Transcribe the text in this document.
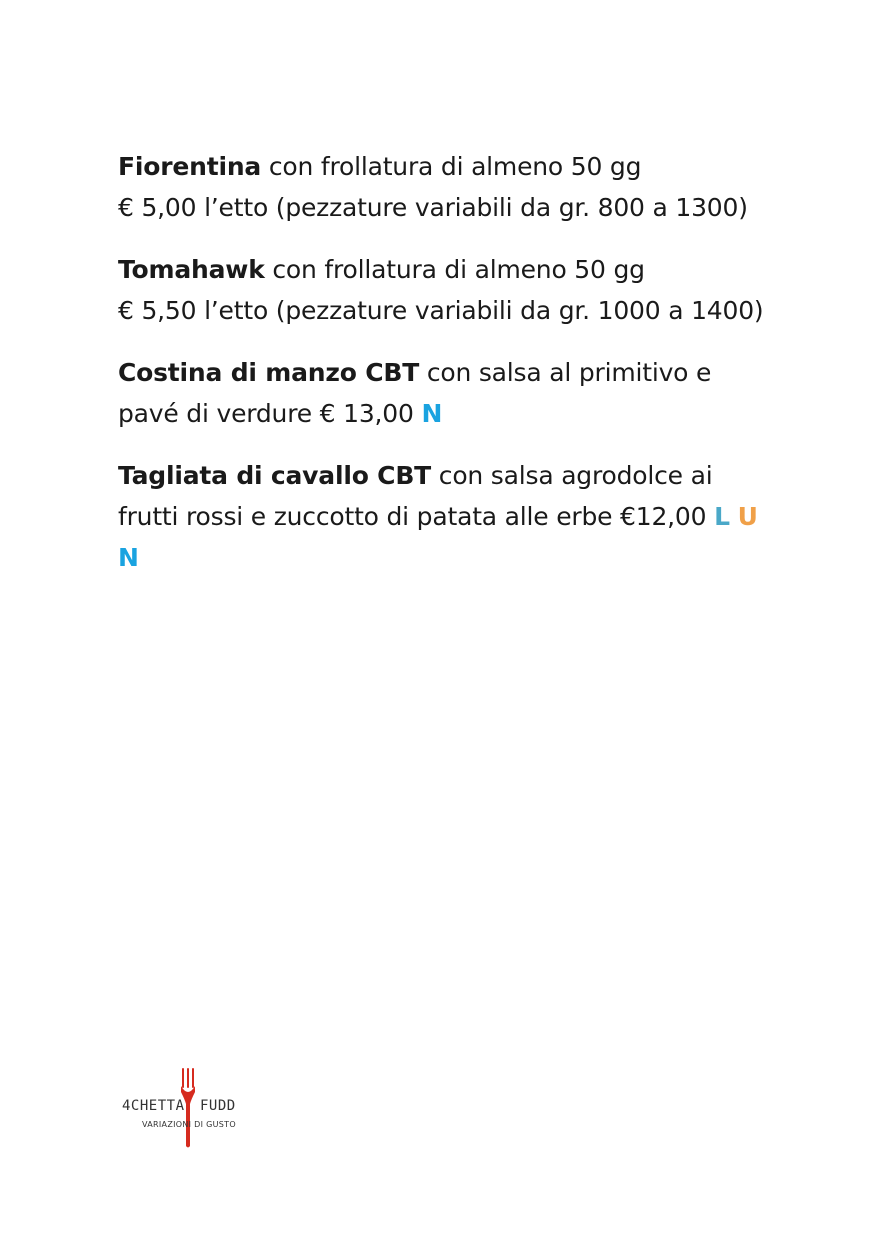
Fiorentina con frollatura di almeno 50 gg
€ 5,00 l’etto (pezzature variabili da gr. 800 a 1300)

Tomahawk con frollatura di almeno 50 gg
€ 5,50 l’etto (pezzature variabili da gr. 1000 a 1400)

Costina di manzo CBT con salsa al primitivo e pavé di verdure € 13,00 N

Tagliata di cavallo CBT con salsa agrodolce ai frutti rossi e zuccotto di patata alle erbe €12,00 L U N

4CHETTA FUDD
VARIAZIONI DI GUSTO
